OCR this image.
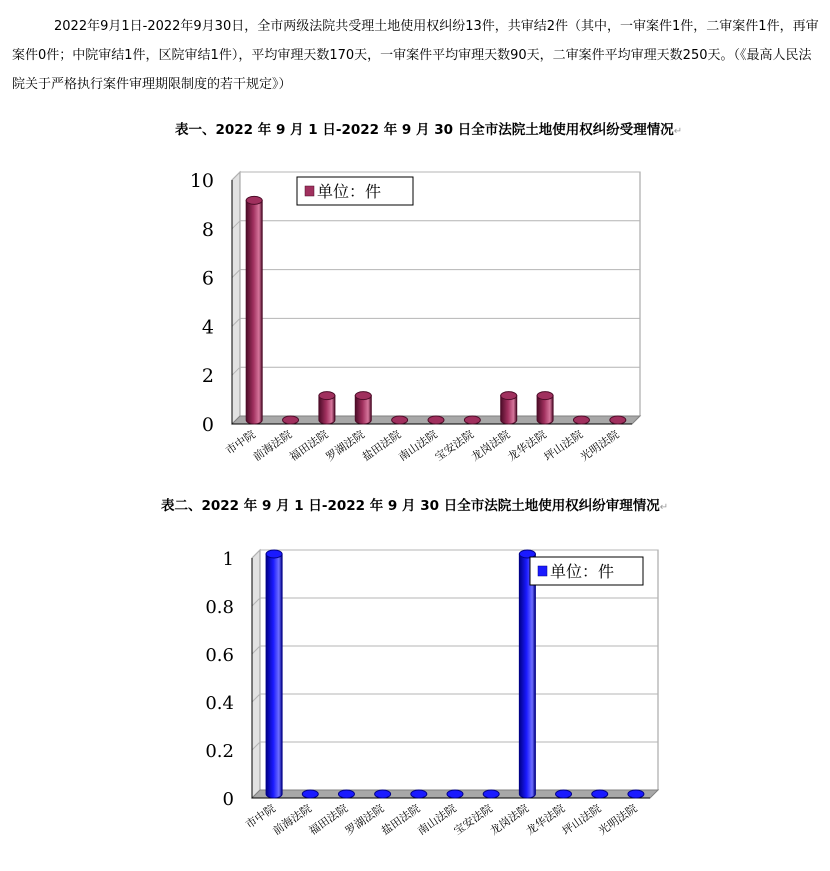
2022年9月1日-2022年9月30日，全市两级法院共受理土地使用权纠纷13件，共审结2件（其中，一审案件1件，二审案件1件，再审案件0件；中院审结1件，区院审结1件），平均审理天数170天，一审案件平均审理天数90天，二审案件平均审理天数250天。（《最高人民法院关于严格执行案件审理期限制度的若干规定》）

表一、2022 年 9 月 1 日-2022 年 9 月 30 日全市法院土地使用权纠纷受理情况↵
0
2
4
6
8
10
市中院
前海法院
福田法院
罗湖法院
盐田法院
南山法院
宝安法院
龙岗法院
龙华法院
坪山法院
光明法院
单位：件
表二、2022 年 9 月 1 日-2022 年 9 月 30 日全市法院土地使用权纠纷审理情况↵
0
0.2
0.4
0.6
0.8
1
市中院
前海法院
福田法院
罗湖法院
盐田法院
南山法院
宝安法院
龙岗法院
龙华法院
坪山法院
光明法院
单位：件
